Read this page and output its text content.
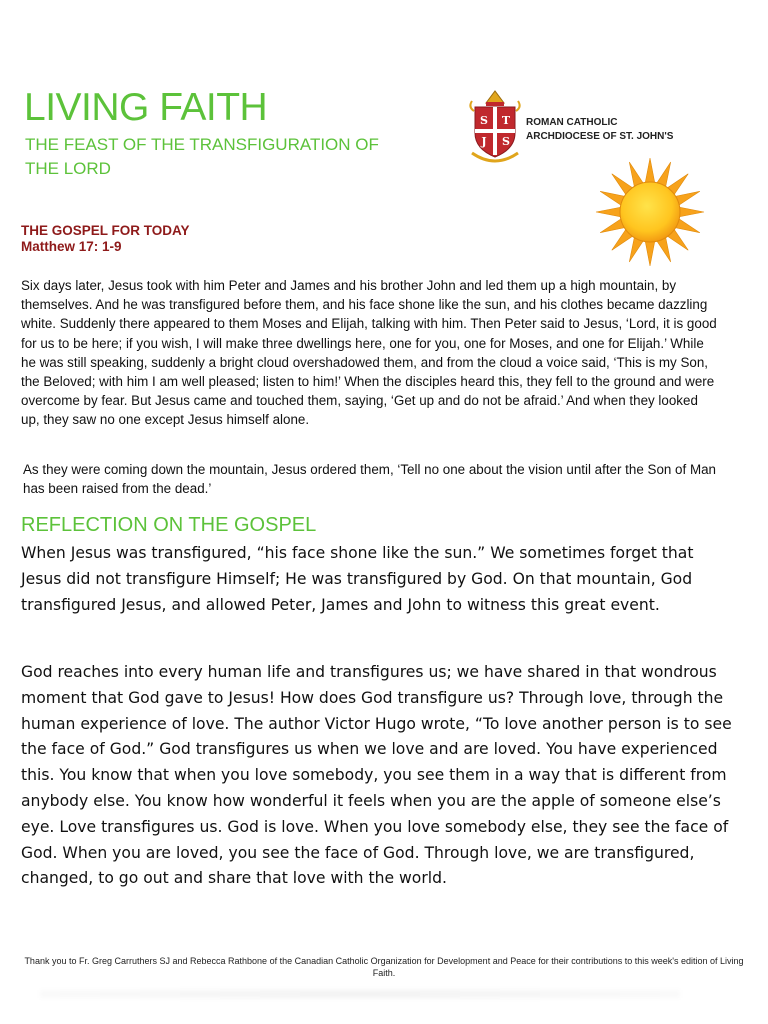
LIVING FAITH
THE FEAST OF THE TRANSFIGURATION OF THE LORD
S T
J S
ROMAN CATHOLIC
ARCHDIOCESE OF ST. JOHN'S
THE GOSPEL FOR TODAY
Matthew 17: 1-9
Six days later, Jesus took with him Peter and James and his brother John and led them up a high mountain, by themselves. And he was transfigured before them, and his face shone like the sun, and his clothes became dazzling white. Suddenly there appeared to them Moses and Elijah, talking with him. Then Peter said to Jesus, ‘Lord, it is good for us to be here; if you wish, I will make three dwellings here, one for you, one for Moses, and one for Elijah.’ While he was still speaking, suddenly a bright cloud overshadowed them, and from the cloud a voice said, ‘This is my Son, the Beloved; with him I am well pleased; listen to him!’ When the disciples heard this, they fell to the ground and were overcome by fear. But Jesus came and touched them, saying, ‘Get up and do not be afraid.’ And when they looked up, they saw no one except Jesus himself alone.
As they were coming down the mountain, Jesus ordered them, ‘Tell no one about the vision until after the Son of Man has been raised from the dead.’
REFLECTION ON THE GOSPEL
When Jesus was transfigured, “his face shone like the sun.” We sometimes forget that Jesus did not transfigure Himself; He was transfigured by God. On that mountain, God transfigured Jesus, and allowed Peter, James and John to witness this great event.
God reaches into every human life and transfigures us; we have shared in that wondrous moment that God gave to Jesus! How does God transfigure us? Through love, through the human experience of love. The author Victor Hugo wrote, “To love another person is to see the face of God.” God transfigures us when we love and are loved. You have experienced this. You know that when you love somebody, you see them in a way that is different from anybody else. You know how wonderful it feels when you are the apple of someone else’s eye. Love transfigures us. God is love. When you love somebody else, they see the face of God. When you are loved, you see the face of God. Through love, we are transfigured, changed, to go out and share that love with the world.
Thank you to Fr. Greg Carruthers SJ and Rebecca Rathbone of the Canadian Catholic Organization for Development and Peace for their contributions to this week's edition of Living Faith.
